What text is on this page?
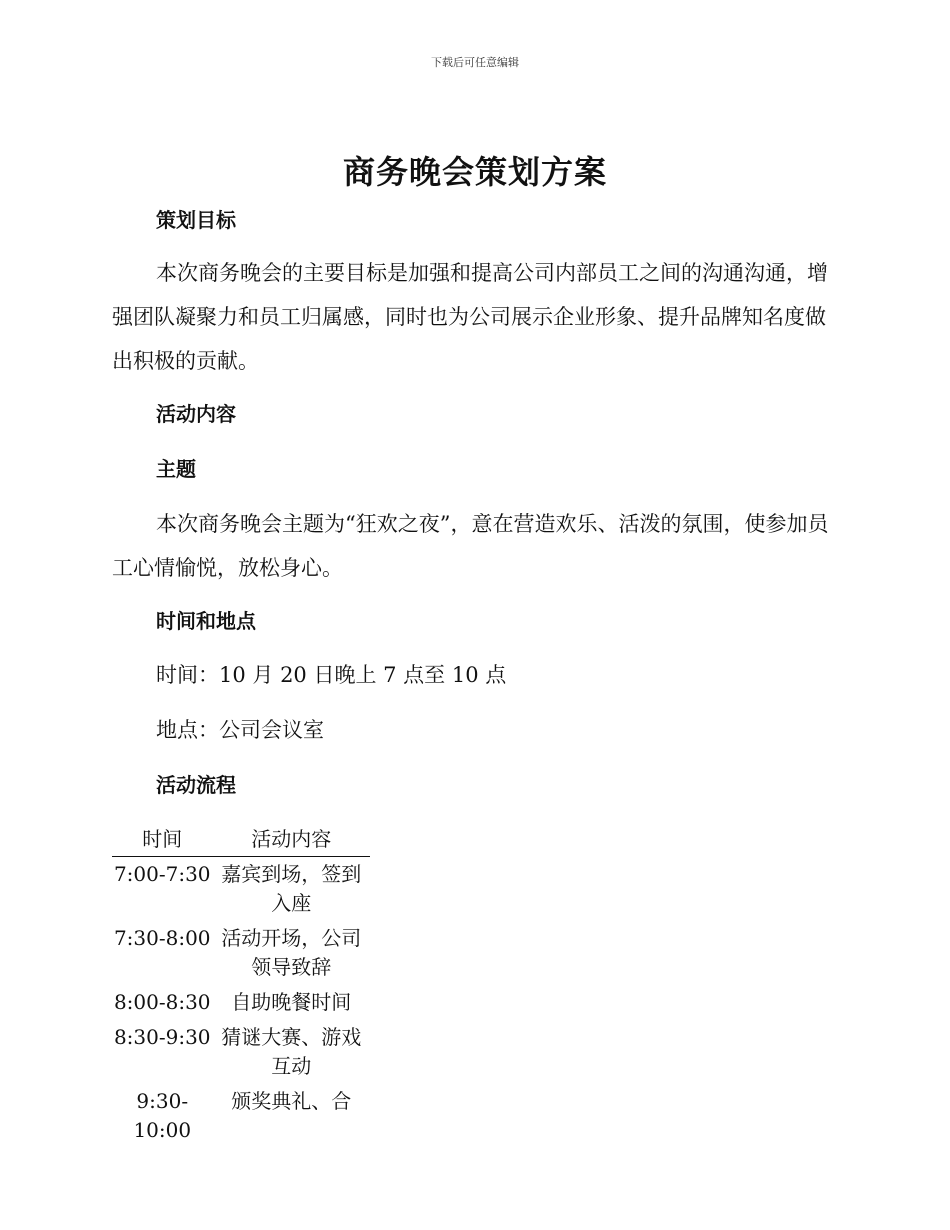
下载后可任意编辑
商务晚会策划方案
策划目标
本次商务晚会的主要目标是加强和提高公司内部员工之间的沟通沟通，增强团队凝聚力和员工归属感，同时也为公司展示企业形象、提升品牌知名度做出积极的贡献。
活动内容
主题
本次商务晚会主题为“狂欢之夜”，意在营造欢乐、活泼的氛围，使参加员工心情愉悦，放松身心。
时间和地点
时间：10 月 20 日晚上 7 点至 10 点
地点：公司会议室
活动流程
时间	活动内容
7:00-7:30	嘉宾到场，签到入座
7:30-8:00	活动开场，公司领导致辞
8:00-8:30	自助晚餐时间
8:30-9:30	猜谜大赛、游戏互动
9:30-10:00	颁奖典礼、合
